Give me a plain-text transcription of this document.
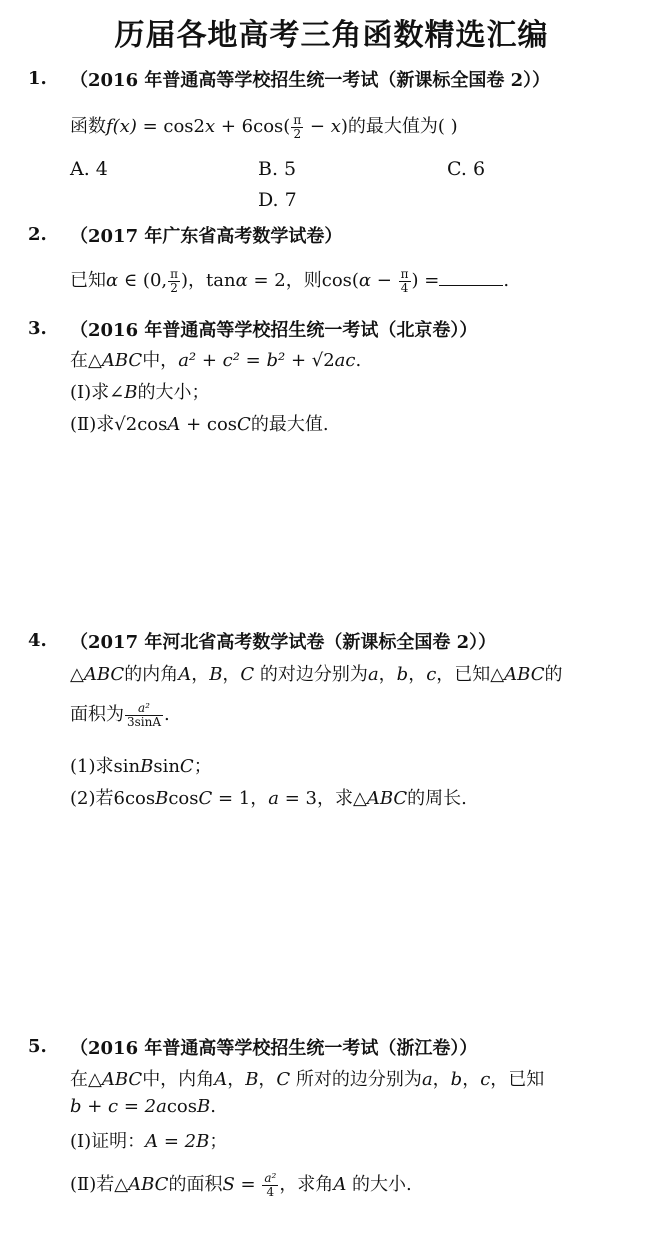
历届各地高考三角函数精选汇编
1. （2016 年普通高等学校招生统一考试（新课标全国卷 2））
函数$f(x) = \cos 2x + 6\cos( \frac{\pi}{2} - x)$的最大值为( )
A. 4	B. 5	C. 6
D. 7
2. （2017 年广东省高考数学试卷）
已知α ∈ (0, $\frac{\pi}{2}$ )，tanα = 2，则$\cos(\alpha - \frac{\pi}{4}$ ) =	.
3. （2016 年普通高等学校招生统一考试（北京卷））
在△ABC中，a² + c² = b² + √2ac.
(Ⅰ)求∠B的大小；
(Ⅱ)求√2cosA + cosC的最大值.
4. （2017 年河北省高考数学试卷（新课标全国卷 2））
△ABC的内角A，B，C 的对边分别为a，b，c，已知△ABC的
面积为 $\frac{\text{a²}}{3\sin A}$ .
(1)求sinBsinC；
(2)若6cosBcosC = 1，a = 3，求△ABC的周长.
5. （2016 年普通高等学校招生统一考试（浙江卷））
在△ABC中，内角A，B，C 所对的边分别为a，b，c，已知
b + c = 2acosB.
(Ⅰ)证明：A = 2B；
(Ⅱ)若△ABC的面积$S = \frac{\text{a²}}{4}$ ，求角A 的大小.
